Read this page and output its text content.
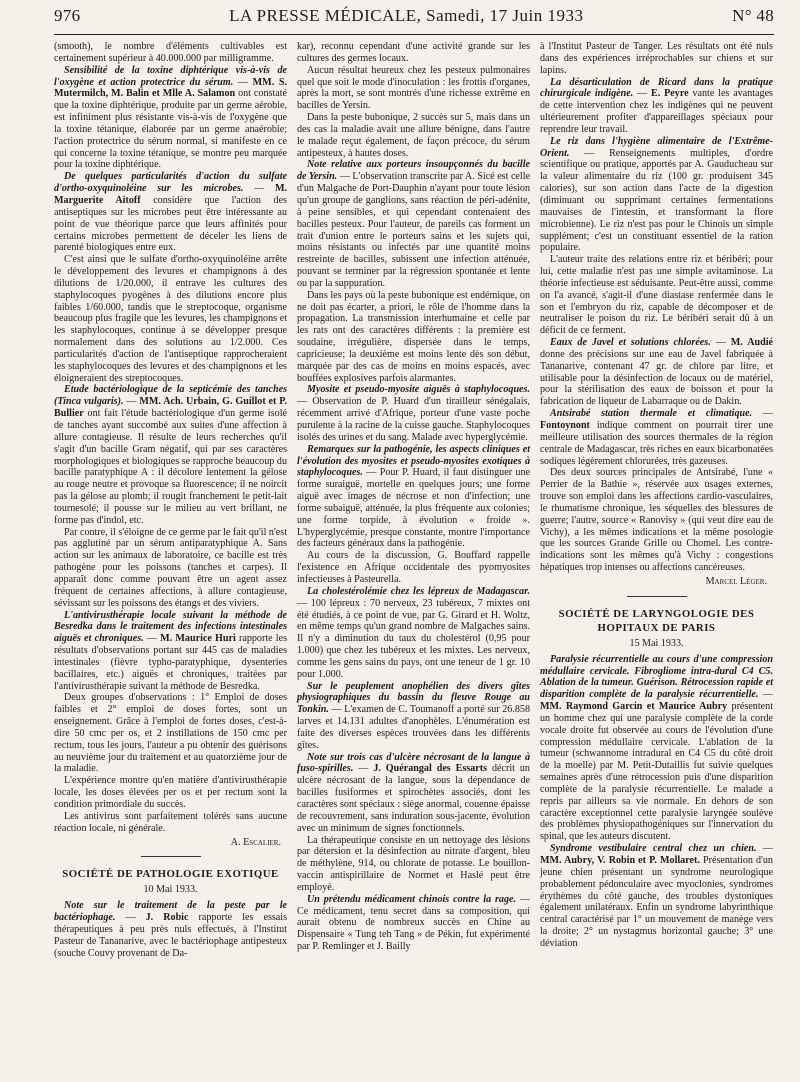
976	LA PRESSE MÉDICALE, Samedi, 17 Juin 1933	N° 48

(smooth), le nombre d'éléments cultivables est certainement supérieur à 40.000.000 par milligramme.

Sensibilité de la toxine diphtérique vis-à-vis de l'oxygène et action protectrice du sérum. — MM. S. Mutermilch, M. Balin et Mlle A. Salamon ont constaté que la toxine diphtérique, produite par un germe aérobie, est infiniment plus résistante vis-à-vis de l'oxygène que la toxine tétanique, élaborée par un germe anaérobie; l'action protectrice du sérum normal, si manifeste en ce qui concerne la toxine tétanique, se montre peu marquée pour la toxine diphtérique.

De quelques particularités d'action du sulfate d'ortho-oxyquinoléine sur les microbes. — M. Marguerite Aitoff considère que l'action des antiseptiques sur les microbes peut être intéressante au point de vue théorique parce que leurs affinités pour certains microbes permettent de déceler les liens de parenté biologiques entre eux.

C'est ainsi que le sulfate d'ortho-oxyquinoléine arrête le développement des levures et champignons à des dilutions de 1/20.000, il entrave les cultures des staphylocoques pyogènes à des dilutions encore plus faibles 1/60.000, tandis que le streptocoque, organisme beaucoup plus fragile que les levures, les champignons et les staphylocoques, continue à se développer presque normalement dans des solutions au 1/2.000. Ces particularités d'action de l'antiseptique rapprocheraient les staphylocoques des levures et des champignons et les éloigneraient des streptocoques.

Etude bactériologique de la septicémie des tanches (Tinca vulgaris). — MM. Ach. Urbain, G. Guillot et P. Bullier ont fait l'étude bactériologique d'un germe isolé de tanches ayant succombé aux suites d'une affection à allure contagieuse. Il résulte de leurs recherches qu'il s'agit d'un bacille Gram négatif, qui par ses caractères morphologiques et biologiques se rapproche beaucoup du bacille paratyphique A : il décolore lentement la gélose au rouge neutre et provoque sa fluorescence; il ne noircit pas la gélose au plomb; il rougit franchement le petit-lait tournesolé; il pousse sur le milieu au vert brillant, ne forme pas d'indol, etc.

Par contre, il s'éloigne de ce germe par le fait qu'il n'est pas agglutiné par un sérum antiparatyphique A. Sans action sur les animaux de laboratoire, ce bacille est très pathogène pour les poissons (tanches et carpes). Il apparaît donc comme pouvant être un agent assez fréquent de certaines affections, à allure contagieuse, sévissant sur les poissons des étangs et des viviers.

L'antivirusthérapie locale suivant la méthode de Besredka dans le traitement des infections intestinales aiguës et chroniques. — M. Maurice Huri rapporte les résultats d'observations portant sur 445 cas de maladies intestinales (fièvre typho-paratyphique, dysenteries bacillaires, etc.) aiguës et chroniques, traitées par l'antivirusthérapie suivant la méthode de Besredka.

Deux groupes d'observations : 1° Emploi de doses faibles et 2° emploi de doses fortes, sont un enseignement. Grâce à l'emploi de fortes doses, c'est-à-dire 50 cmc per os, et 2 instillations de 150 cmc per rectum, tous les jours, l'auteur a pu obtenir des guérisons au neuvième jour du traitement et au quatorzième jour de la maladie.

L'expérience montre qu'en matière d'antivirusthérapie locale, les doses élevées per os et per rectum sont la condition primordiale du succès.

Les antivirus sont parfaitement tolérés sans aucune réaction locale, ni générale.

A. Escalier.

SOCIÉTÉ DE PATHOLOGIE EXOTIQUE

10 Mai 1933.

Note sur le traitement de la peste par le bactériophage. — J. Robic rapporte les essais thérapeutiques à peu près nuls effectués, à l'Institut Pasteur de Tananarive, avec le bactériophage antipesteux (souche Couvy provenant de Da-

kar), reconnu cependant d'une activité grande sur les cultures des germes locaux.

Aucun résultat heureux chez les pesteux pulmonaires quel que soit le mode d'inoculation : les frottis d'organes, après la mort, se sont montrés d'une richesse extrême en bacilles de Yersin.

Dans la peste bubonique, 2 succès sur 5, mais dans un des cas la maladie avait une allure bénigne, dans l'autre le malade reçut également, de façon précoce, du sérum antipesteux, à hautes doses.

Note relative aux porteurs insoupçonnés du bacille de Yersin. — L'observation transcrite par A. Sicé est celle d'un Malgache de Port-Dauphin n'ayant pour toute lésion qu'un groupe de ganglions, sans réaction de péri-adénite, à peine sensibles, et qui cependant contenaient des bacilles pesteux. Pour l'auteur, de pareils cas forment un trait d'union entre le porteurs sains et les sujets qui, moins résistants ou infectés par une quantité moins restreinte de bacilles, subissent une infection atténuée, pouvant se terminer par la régression spontanée et lente ou par la suppuration.

Dans les pays où la peste bubonique est endémique, on ne doit pas écarter, a priori, le rôle de l'homme dans la propagation. La transmission interhumaine et celle par les rats ont des caractères différents : la première est soudaine, irrégulière, dispersée dans le temps, capricieuse; la deuxième est moins lente dès son début, marquée par des cas de moins en moins espacés, avec bouffées explosives parfois alarmantes.

Myosite et pseudo-myosite aiguës à staphylocoques. — Observation de P. Huard d'un tirailleur sénégalais, récemment arrivé d'Afrique, porteur d'une vaste poche purulente à la racine de la cuisse gauche. Staphylocoques isolés des urines et du sang. Malade avec hyperglycémie.

Remarques sur la pathogénie, les aspects cliniques et l'évolution des myosites et pseudo-myosites exotiques à staphylocoques. — Pour P. Huard, il faut distinguer une forme suraiguë, mortelle en quelques jours; une forme aiguë avec images de nécrose et non d'infection; une forme subaiguë, atténuée, la plus fréquente aux colonies; une forme torpide, à évolution « froide ». L'hyperglycémie, presque constante, montre l'importance des facteurs généraux dans la pathogénie.

Au cours de la discussion, G. Bouffard rappelle l'existence en Afrique occidentale des pyomyosites infectieuses à Pasteurella.

La cholestérolémie chez les lépreux de Madagascar. — 100 lépreux : 70 nerveux, 23 tubéreux, 7 mixtes ont été étudiés, à ce point de vue, par G. Girard et H. Woltz, en même temps qu'un grand nombre de Malgaches sains. Il n'y a diminution du taux du cholestérol (0,95 pour 1.000) que chez les tubéreux et les mixtes. Les nerveux, comme les gens sains du pays, ont une teneur de 1 gr. 10 pour 1.000.

Sur le peuplement anophélien des divers gîtes physiographiques du bassin du fleuve Rouge au Tonkin. — L'examen de C. Toumanoff a porté sur 26.858 larves et 14.131 adultes d'anophèles. L'énumération est faite des diverses espèces trouvées dans les différents gîtes.

Note sur trois cas d'ulcère nécrosant de la langue à fuso-spirilles. — J. Quérangal des Essarts décrit un ulcère nécrosant de la langue, sous la dépendance de bacilles fusiformes et spirochètes associés, dont les caractères sont spéciaux : siège anormal, couenne épaisse de recouvrement, sans induration sous-jacente, évolution avec un minimum de signes fonctionnels.

La thérapeutique consiste en un nettoyage des lésions par détersion et la désinfection au nitrate d'argent, bleu de méthylène, 914, ou chlorate de potasse. Le bouillon-vaccin antispirillaire de Normet et Haslé peut être employé.

Un prétendu médicament chinois contre la rage. — Ce médicament, tenu secret dans sa composition, qui aurait obtenu de nombreux succès en Chine au Dispensaire « Tung teh Tang » de Pékin, fut expérimenté par P. Remlinger et J. Bailly

à l'Institut Pasteur de Tanger. Les résultats ont été nuls dans des expériences irréprochables sur chiens et sur lapins.

La désarticulation de Ricard dans la pratique chirurgicale indigène. — E. Peyre vante les avantages de cette intervention chez les indigènes qui ne peuvent ultérieurement profiter d'appareillages spéciaux pour reprendre leur travail.

Le riz dans l'hygiène alimentaire de l'Extrême-Orient. — Renseignements multiples, d'ordre scientifique ou pratique, apportés par A. Gauducheau sur la valeur alimentaire du riz (100 gr. produisent 345 calories), sur son action dans l'acte de la digestion (diminuant ou supprimant certaines fermentations mauvaises de l'intestin, et transformant la flore microbienne). Le riz n'est pas pour le Chinois un simple supplément; c'est un constituant essentiel de la ration populaire.

L'auteur traite des relations entre riz et béribéri; pour lui, cette maladie n'est pas une simple avitaminose. La théorie infectieuse est séduisante. Peut-être aussi, comme on l'a avancé, s'agit-il d'une diastase renfermée dans le son et l'embryon du riz, capable de décomposer et de neutraliser le poison du riz. Le béribéri serait dû à un déficit de ce ferment.

Eaux de Javel et solutions chlorées. — M. Audié donne des précisions sur une eau de Javel fabriquée à Tananarive, contenant 47 gr. de chlore par litre, et utilisable pour la désinfection de locaux ou de matériel, pour la stérilisation des eaux de boisson et pour la fabrication de liqueur de Labarraque ou de Dakin.

Antsirabé station thermale et climatique. — Fontoynont indique comment on pourrait tirer une meilleure utilisation des sources thermales de la région centrale de Madagascar, très riches en eaux bicarbonatées sodiques légèrement chlorurées, très gazeuses.

Des deux sources principales de Antsirabé, l'une « Perrier de la Bathie », réservée aux usages externes, trouve son emploi dans les affections cardio-vasculaires, le rhumatisme chronique, les séquelles des blessures de guerre; l'autre, source « Ranovisy » (qui veut dire eau de Vichy), a les mêmes indications et la même posologie que les sources Grande Grille ou Chomel. Les contre-indications sont les mêmes qu'à Vichy : congestions hépatiques trop intenses ou affections cancéreuses.

Marcel Léger.

SOCIÉTÉ DE LARYNGOLOGIE DES HOPITAUX DE PARIS

15 Mai 1933.

Paralysie récurrentielle au cours d'une compression médullaire cervicale. Fibrogliome intra-dural C4 C5. Ablation de la tumeur. Guérison. Rétrocession rapide et disparition complète de la paralysie récurrentielle. — MM. Raymond Garcin et Maurice Aubry présentent un homme chez qui une paralysie complète de la corde vocale droite fut observée au cours de l'évolution d'une compression médullaire cervicale. L'ablation de la tumeur (schwannome intradural en C4 C5 du côté droit de la moelle) par M. Petit-Dutaillis fut suivie quelques semaines après d'une rétrocession puis d'une disparition complète de la paralysie récurrentielle. Le malade a repris par ailleurs sa vie normale. En dehors de son caractère exceptionnel cette paralysie laryngée soulève des problèmes physiopathogéniques sur l'innervation du spinal, que les auteurs discutent.

Syndrome vestibulaire central chez un chien. — MM. Aubry, V. Robin et P. Mollaret. Présentation d'un jeune chien présentant un syndrome neurologique probablement pédonculaire avec myoclonies, syndromes érythèmes du côté gauche, des troubles dystoniques également unilatéraux. Enfin un syndrome labyrinthique central caractérisé par 1° un mouvement de manège vers la droite; 2° un nystagmus horizontal gauche; 3° une déviation
